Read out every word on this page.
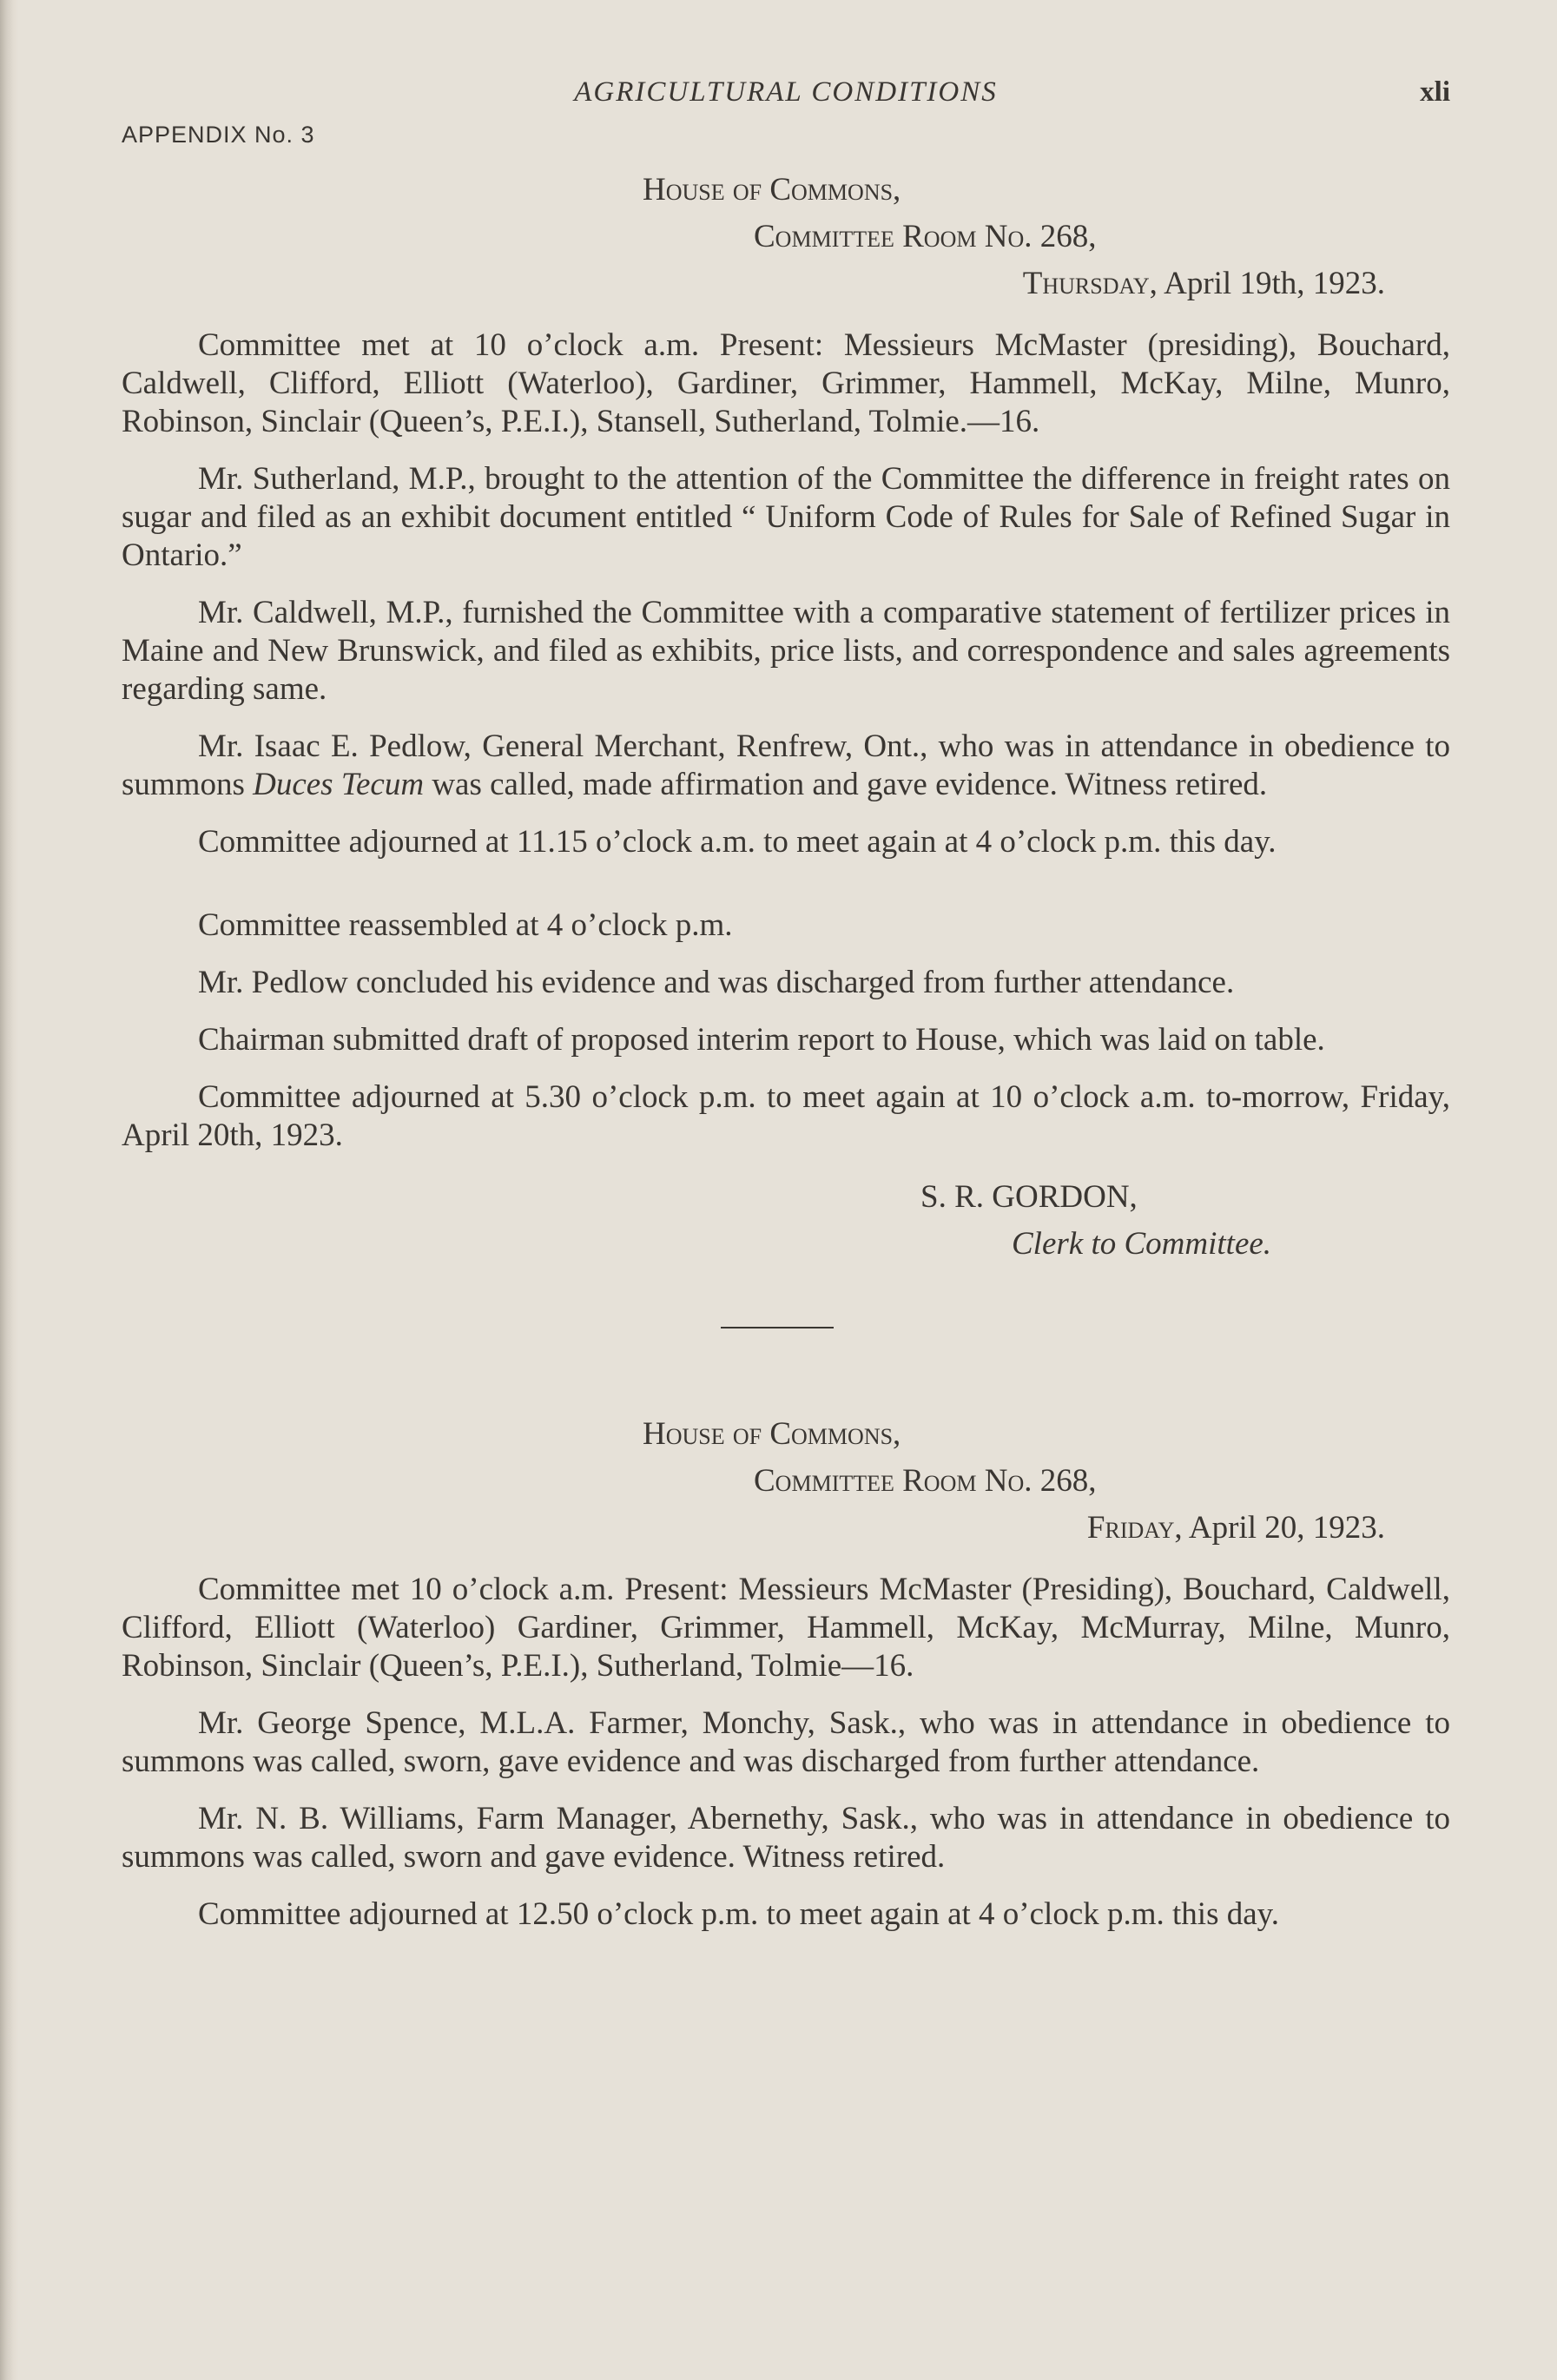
AGRICULTURAL CONDITIONS	xli
APPENDIX No. 3
House of Commons,
Committee Room No. 268,
Thursday, April 19th, 1923.

Committee met at 10 o’clock a.m. Present: Messieurs McMaster (presiding), Bouchard, Caldwell, Clifford, Elliott (Waterloo), Gardiner, Grimmer, Hammell, McKay, Milne, Munro, Robinson, Sinclair (Queen’s, P.E.I.), Stansell, Sutherland, Tolmie.—16.

Mr. Sutherland, M.P., brought to the attention of the Committee the difference in freight rates on sugar and filed as an exhibit document entitled “ Uniform Code of Rules for Sale of Refined Sugar in Ontario.”

Mr. Caldwell, M.P., furnished the Committee with a comparative statement of fertilizer prices in Maine and New Brunswick, and filed as exhibits, price lists, and correspondence and sales agreements regarding same.

Mr. Isaac E. Pedlow, General Merchant, Renfrew, Ont., who was in attendance in obedience to summons Duces Tecum was called, made affirmation and gave evidence. Witness retired.

Committee adjourned at 11.15 o’clock a.m. to meet again at 4 o’clock p.m. this day.

Committee reassembled at 4 o’clock p.m.

Mr. Pedlow concluded his evidence and was discharged from further attendance.

Chairman submitted draft of proposed interim report to House, which was laid on table.

Committee adjourned at 5.30 o’clock p.m. to meet again at 10 o’clock a.m. to-morrow, Friday, April 20th, 1923.

S. R. GORDON,
Clerk to Committee.
House of Commons,
Committee Room No. 268,
Friday, April 20, 1923.

Committee met 10 o’clock a.m. Present: Messieurs McMaster (Presiding), Bouchard, Caldwell, Clifford, Elliott (Waterloo) Gardiner, Grimmer, Hammell, McKay, McMurray, Milne, Munro, Robinson, Sinclair (Queen’s, P.E.I.), Sutherland, Tolmie—16.

Mr. George Spence, M.L.A. Farmer, Monchy, Sask., who was in attendance in obedience to summons was called, sworn, gave evidence and was discharged from further attendance.

Mr. N. B. Williams, Farm Manager, Abernethy, Sask., who was in attendance in obedience to summons was called, sworn and gave evidence. Witness retired.

Committee adjourned at 12.50 o’clock p.m. to meet again at 4 o’clock p.m. this day.
